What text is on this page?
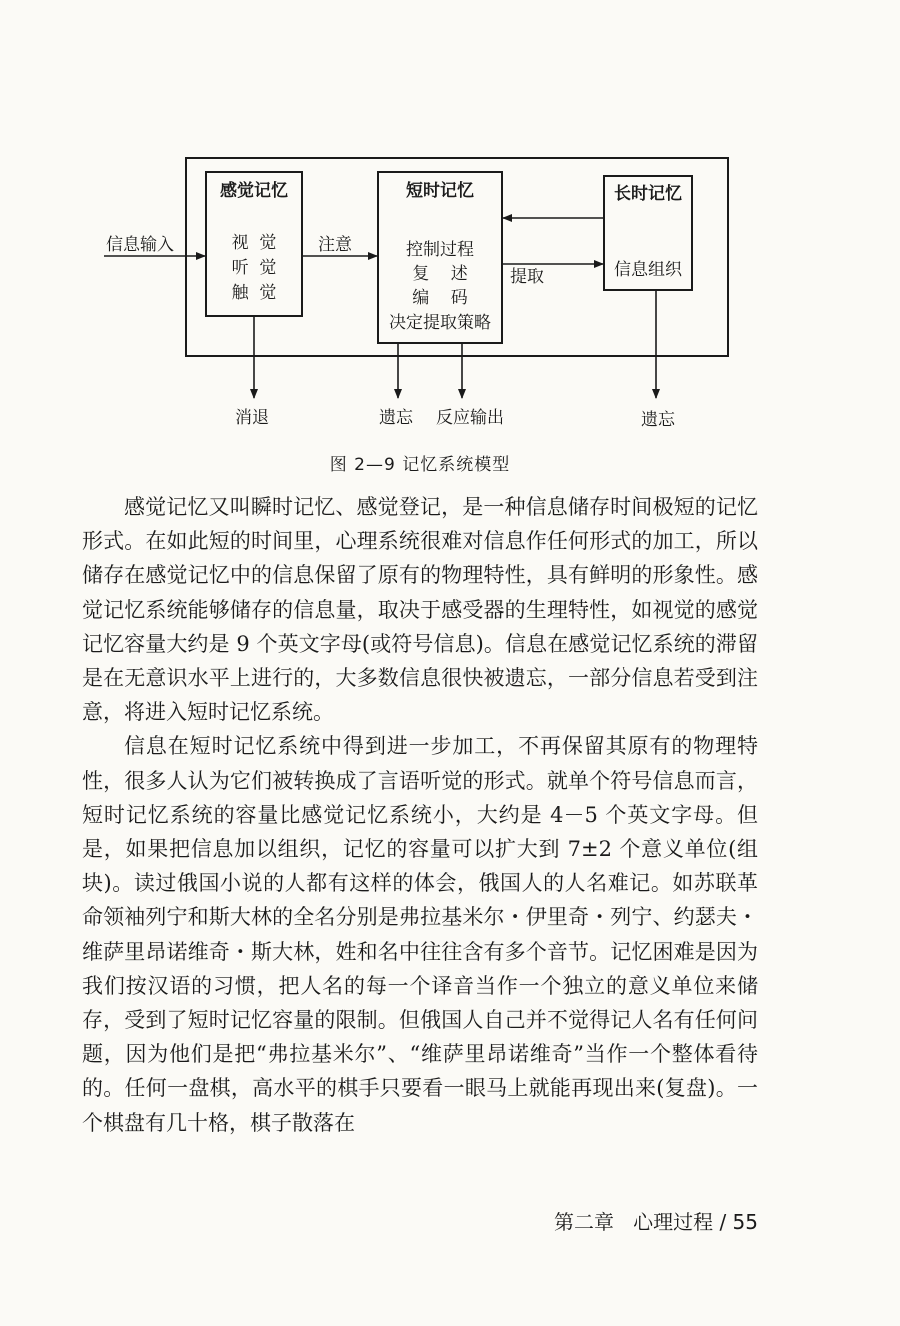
感觉记忆
视  觉
听  觉
触  觉
短时记忆
控制过程
复    述
编    码
决定提取策略
长时记忆
信息组织
信息输入	注意
提取
消退	遗忘 反应输出	遗忘
图 2—9 记忆系统模型

感觉记忆又叫瞬时记忆、感觉登记，是一种信息储存时间极短的记忆形式。在如此短的时间里，心理系统很难对信息作任何形式的加工，所以储存在感觉记忆中的信息保留了原有的物理特性，具有鲜明的形象性。感觉记忆系统能够储存的信息量，取决于感受器的生理特性，如视觉的感觉记忆容量大约是 9 个英文字母(或符号信息)。信息在感觉记忆系统的滞留是在无意识水平上进行的，大多数信息很快被遗忘，一部分信息若受到注意，将进入短时记忆系统。

信息在短时记忆系统中得到进一步加工，不再保留其原有的物理特性，很多人认为它们被转换成了言语听觉的形式。就单个符号信息而言，短时记忆系统的容量比感觉记忆系统小，大约是 4－5 个英文字母。但是，如果把信息加以组织，记忆的容量可以扩大到 7±2 个意义单位(组块)。读过俄国小说的人都有这样的体会，俄国人的人名难记。如苏联革命领袖列宁和斯大林的全名分别是弗拉基米尔・伊里奇・列宁、约瑟夫・维萨里昂诺维奇・斯大林，姓和名中往往含有多个音节。记忆困难是因为我们按汉语的习惯，把人名的每一个译音当作一个独立的意义单位来储存，受到了短时记忆容量的限制。但俄国人自己并不觉得记人名有任何问题，因为他们是把“弗拉基米尔”、“维萨里昂诺维奇”当作一个整体看待的。任何一盘棋，高水平的棋手只要看一眼马上就能再现出来(复盘)。一个棋盘有几十格，棋子散落在

第二章   心理过程 / 55
